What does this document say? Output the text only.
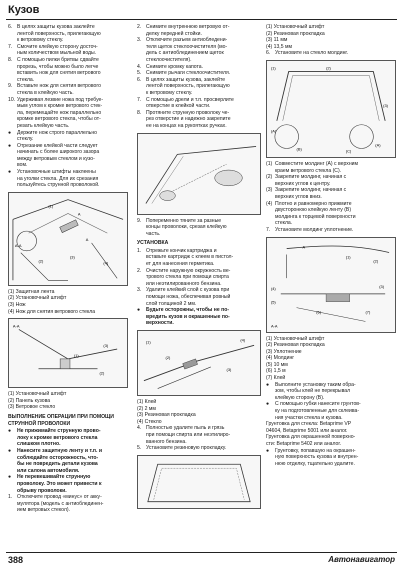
Кузов
6. В целях защиты кузова заклейте
лентой поверхность, прилегающую
к ветровому стеклу.
7. Смочите клейкую сторону досточ-
ным количеством мыльной воды.
8. С помощью пилки бритвы сдвайте
прорезь, чтобы можно было легче
вставить нож для снятия ветрового
стекла.
9. Вставьте нож для снятия ветрового
стекла в клейкую часть.
10. Удерживая лезвие ножа под требуе-
мым углом к кромке ветрового стек-
ла, перемещайте нож параллельно
кромке ветрового стекла, чтобы от-
резать клейкую часть.
● Держите нож строго параллельно
стеклу.
● Отрезание клейкой части следует
начинать с более широкого зазора
между ветровым стеклом и кузо-
вом.
● Установочные штифты наклеены
на уголки стекла. Для их срезания
пользуйтесь струнной проволокой.
A-A
A
A
(1)
(2)
(3)
(4)
(1) Защитная лента
(2) Установочный штифт
(3) Нож
(4) Нож для снятия ветрового стекла
A-A
(1)
(2)
(3)
(1) Установочный штифт
(2) Панель кузова
(3) Ветровое стекло
ВЫПОЛНЕНИЕ ОПЕРАЦИИ ПРИ ПОМОЩИ
СТРУННОЙ ПРОВОЛОКИ
● Не прижимайте струнную прово-
локу к кромке ветрового стекла
слишком плотно.
● Нанесите защитную ленту и т.п. и
соблюдайте осторожность, что-
бы не повредить детали кузова
или салона автомобиля.
● Не перевешивайте струнную
проволоку. Это может привести к
обрыву проволоки.
1. Отключите провод «минус» от акку-
мулятора (модель с антиоблединен-
ием ветровых стекол).
2. Снимите внутреннюю ветровую от-
делку передней стойки.
3. Отключите разъем антиобледени-
теля щеток стеклоочистителя (мо-
дель с антиоблединением щеток
стеклоочистителя).
4. Снимите кромку капота.
5. Снимите рычаги стеклоочистителя.
6. В целях защиты кузова, заклейте
лентой поверхность, прилегающую
к ветровому стеклу.
7. С помощью дрели и т.п. просверлите
отверстие в клейкой части.
8. Протяните струнную проволоку че-
рез отверстие и надежно закрепите
ее на концах на рукоятках ручках.
9. Попеременно тяните за разные
концы проволоки, срезая клейкую
часть.
УСТАНОВКА
1. Отрежьте кончик картриджа и
вставьте картридж с клеем в пистол-
ет для нанесения герметика.
2. Очистите наружную окружность ве-
трового стекла при помощи спирта
или неэтилированного бензина.
3. Удалите клейкий слой с кузова при
помощи ножа, обеспечивая ровный
слой толщиной 2 мм.
● Будьте осторожны, чтобы не по-
вредить кузов и окрашенные по-
верхности.
(1)
(2)
(3)
(4)
(1) Клей
(2) 2 мм
(3) Резиновая прокладка
(4) Стекло
4. Полностью удалите пыль и грязь
при помощи спирта или неэтилиро-
ванного бензина.
5. Установите резиновую прокладку.
(1) Установочный штифт
(2) Резиновая прокладка
(3) 11 мм
(4) 13,5 мм
6. Установите на стекло молдинг.
(1)
(A)
(B)
(2)
(3)
(A)
(C)
(1) Совместите молдинг (A) с верхним
краем ветрового стекла (C).
(2) Закрепите молдинг, начиная с
верхних углов к центру.
(3) Закрепите молдинг, начиная с
верхних углов вниз.
(4) Плотно и равномерно прижмите
двусторонюю клейкую ленту (B)
молдинга к торцевой поверхности
стекла.
7. Установите молдинг уплотнение.
A
(1)
(2)
(3)
(4)
(5)
(6)	(7)
A-A
(1) Установочный штифт
(2) Резиновая прокладка
(3) Уплотнение
(4) Молдинг
(5) 10 мм
(6) 1,5 м
(7) Клей
● Выполните установку таким обра-
зом, чтобы клей не перекрывал
клейкую сторону (B).
● С помощью губки нанесите грунтов-
ку на подготовленные для склеива-
ния участки стекла и кузова.
Грунтовка для стекла: Betaprime VP
04604, Betaprime 5001 или аналог.
Грунтовка для окрашенной поверхно-
сти: Betaprime 5402 или аналог.
● Грунтовку, попавшую на окрашен-
ную поверхность кузова и внутрен-
нюю отделку, тщательно удалите.
388	Автонавигатор
